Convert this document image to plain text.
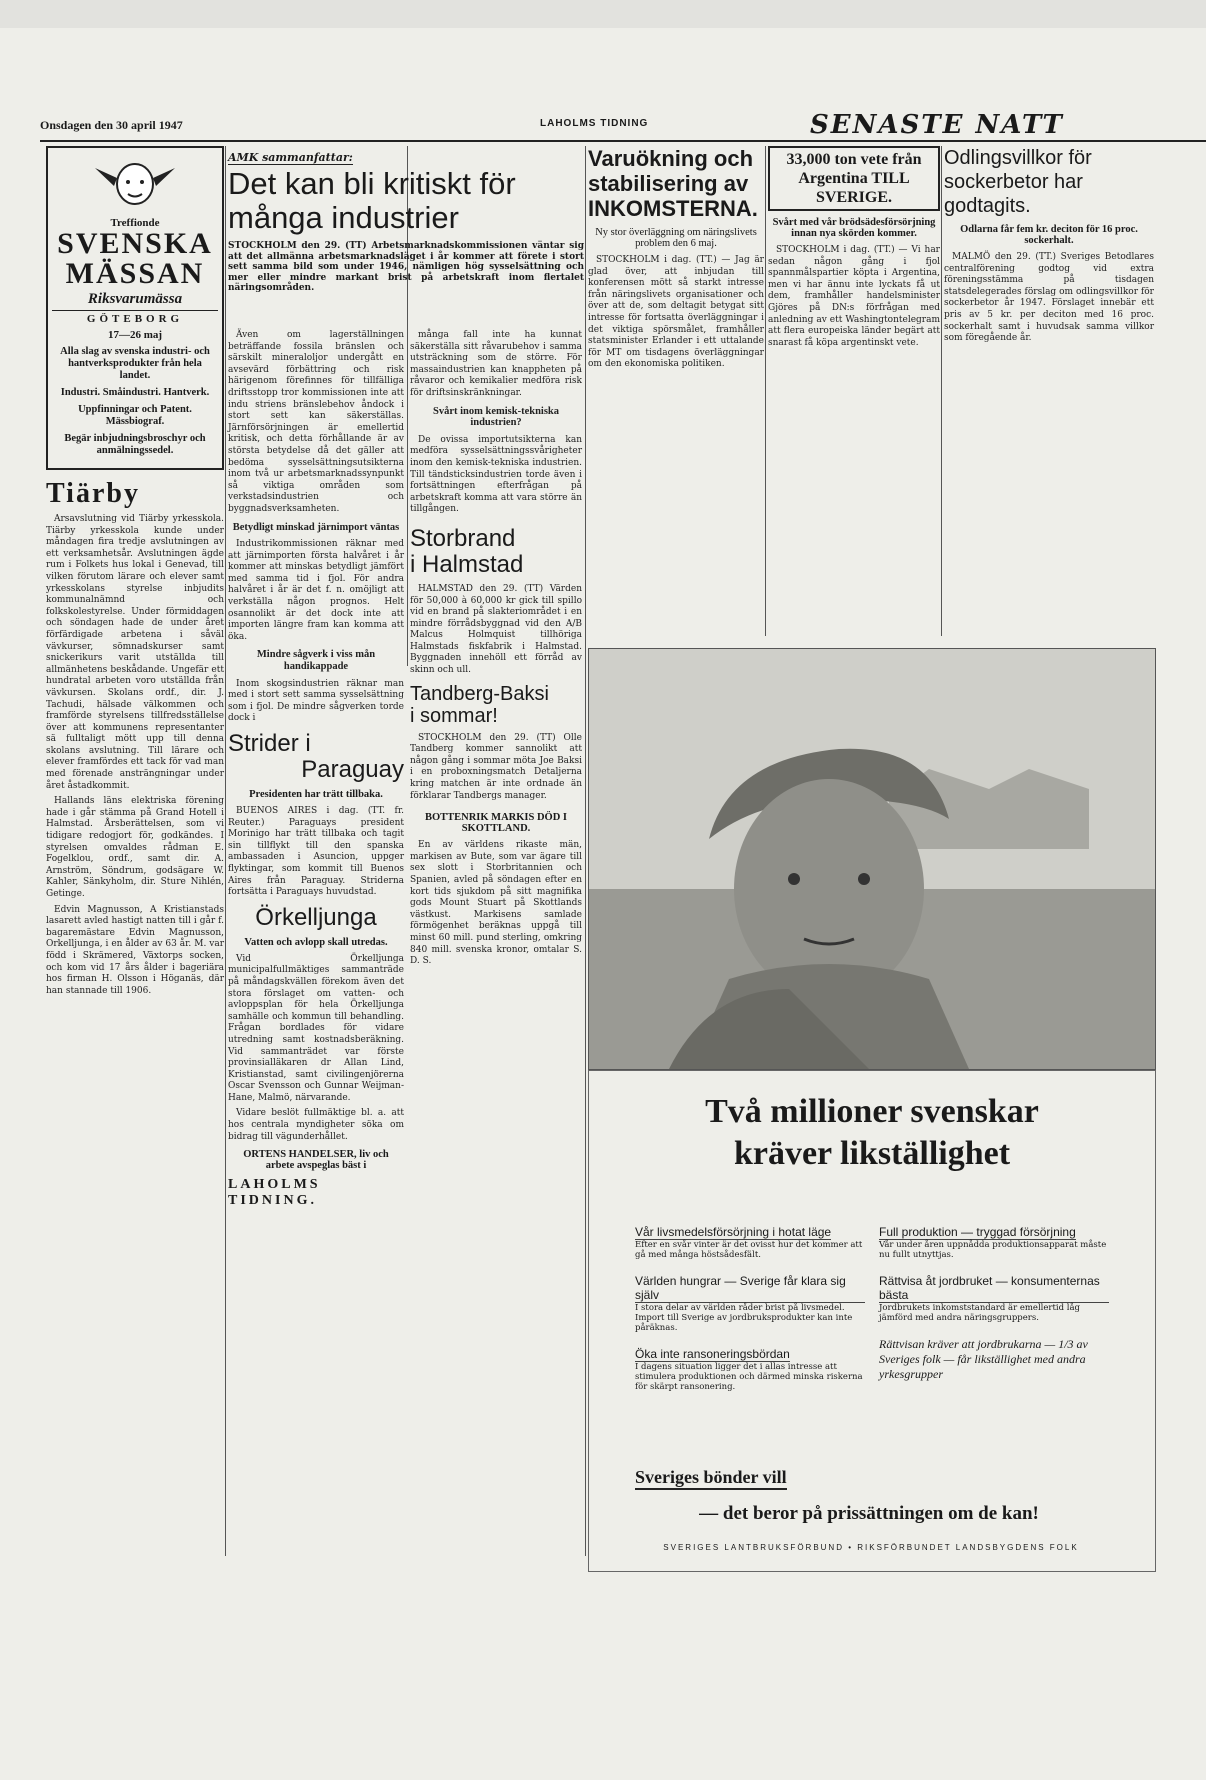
Onsdagen den 30 april 1947	LAHOLMS TIDNING	SENASTE NATT
Treffionde
SVENSKA
MÄSSAN
Riksvarumässa
GÖTEBORG
17—26 maj
Alla slag av svenska industri- och hantverksprodukter från hela landet.
Industri. Småindustri. Hantverk.
Uppfinningar och Patent. Mässbiograf.
Begär inbjudningsbroschyr och anmälningssedel.
Tiärby

Arsavslutning vid Tiärby yrkesskola. Tiärby yrkesskola kunde under måndagen fira tredje avslutningen av ett verksamhetsår. Avslutningen ägde rum i Folkets hus lokal i Genevad, till vilken förutom lärare och elever samt yrkesskolans styrelse inbjudits kommunalnämnd och folkskolestyrelse. Under förmiddagen och söndagen hade de under året förfärdigade arbetena i såväl vävkurser, sömnadskurser samt snickerikurs varit utställda till allmänhetens beskådande. Ungefär ett hundratal arbeten voro utställda från vävkursen. Skolans ordf., dir. J. Tachudi, hälsade välkommen och framförde styrelsens tillfredsställelse över att kommunens representanter sä fulltaligt mött upp till denna skolans avslutning. Till lärare och elever framfördes ett tack för vad man med förenade ansträngningar under året åstadkommit.

Hallands läns elektriska förening hade i går stämma på Grand Hotell i Halmstad. Årsberättelsen, som vi tidigare redogjort för, godkändes. I styrelsen omvaldes rådman E. Fogelklou, ordf., samt dir. A. Arnström, Söndrum, godsägare W. Kahler, Sänkyholm, dir. Sture Nihlén, Getinge.

Edvin Magnusson, A Kristianstads lasarett avled hastigt natten till i går f. bagaremästare Edvin Magnusson, Orkelljunga, i en ålder av 63 år. M. var född i Skrämered, Växtorps socken, och kom vid 17 års ålder i bageriära hos firman H. Olsson i Höganäs, där han stannade till 1906.

AMK sammanfattar:
Det kan bli kritiskt för många industrier
STOCKHOLM den 29. (TT) Arbetsmarknadskommissionen väntar sig att det allmänna arbetsmarknadsläget i år kommer att förete i stort sett samma bild som under 1946, nämligen hög sysselsättning och mer eller mindre markant brist på arbetskraft inom flertalet näringsområden.

Även om lagerställningen beträffande fossila bränslen och särskilt mineraloljor undergått en avsevärd förbättring och risk härigenom förefinnes för tillfälliga driftsstopp tror kommissionen inte att indu striens bränslebehov åndock i stort sett kan säkerställas. Järnförsörjningen är emellertid kritisk, och detta förhållande är av största betydelse då det gäller att bedöma sysselsättningsutsikterna inom två ur arbetsmarknadssynpunkt så viktiga områden som verkstadsindustrien och byggnadsverksamheten.

Betydligt minskad järnimport väntas

Industrikommissionen räknar med att järnimporten första halvåret i år kommer att minskas betydligt jämfört med samma tid i fjol. För andra halvåret i år är det f. n. omöjligt att verkställa någon prognos. Helt osannolikt är det dock inte att importen längre fram kan komma att öka.

Mindre sågverk i viss mån handikappade

Inom skogsindustrien räknar man med i stort sett samma sysselsättning som i fjol. De mindre sågverken torde dock i

Strider i
Paraguay
Presidenten har trätt tillbaka.

BUENOS AIRES i dag. (TT. fr. Reuter.) Paraguays president Morinigo har trätt tillbaka och tagit sin tillflykt till den spanska ambassaden i Asuncion, uppger flyktingar, som kommit till Buenos Aires från Paraguay. Striderna fortsätta i Paraguays huvudstad.

Örkelljunga
Vatten och avlopp skall utredas.

Vid Örkelljunga municipalfullmäktiges sammanträde på måndagskvällen förekom även det stora förslaget om vatten- och avloppsplan för hela Örkelljunga samhälle och kommun till behandling. Frågan bordlades för vidare utredning samt kostnadsberäkning. Vid sammanträdet var förste provinsialläkaren dr Allan Lind, Kristianstad, samt civilingenjörerna Oscar Svensson och Gunnar Weijman-Hane, Malmö, närvarande.

Vidare beslöt fullmäktige bl. a. att hos centrala myndigheter söka om bidrag till vägunderhållet.

ORTENS HANDELSER, liv och arbete avspeglas bäst i
LAHOLMS TIDNING.

många fall inte ha kunnat säkerställa sitt råvarubehov i samma utsträckning som de större. För massaindustrien kan knappheten på råvaror och kemikalier medföra risk för driftsinskränkningar.

Svårt inom kemisk-tekniska industrien?

De ovissa importutsikterna kan medföra sysselsättningssvårigheter inom den kemisk-tekniska industrien. Till tändsticksindustrien torde även i fortsättningen efterfrågan på arbetskraft komma att vara större än tillgången.

Storbrand
i Halmstad

HALMSTAD den 29. (TT) Värden för 50,000 à 60,000 kr gick till spillo vid en brand på slakteriområdet i en mindre förrådsbyggnad vid den A/B Malcus Holmquist tillhöriga Halmstads fiskfabrik i Halmstad. Byggnaden innehöll ett förråd av skinn och ull.

Tandberg-Baksi
i sommar!

STOCKHOLM den 29. (TT) Olle Tandberg kommer sannolikt att någon gång i sommar möta Joe Baksi i en proboxningsmatch Detaljerna kring matchen är inte ordnade än förklarar Tandbergs manager.

BOTTENRIK MARKIS DÖD I SKOTTLAND.

En av världens rikaste män, markisen av Bute, som var ägare till sex slott i Storbritannien och Spanien, avled på söndagen efter en kort tids sjukdom på sitt magnifika gods Mount Stuart på Skottlands västkust. Markisens samlade förmögenhet beräknas uppgå till minst 60 mill. pund sterling, omkring 840 mill. svenska kronor, omtalar S. D. S.

Varuökning och stabilisering av INKOMSTERNA.
Ny stor överläggning om näringslivets problem den 6 maj.

STOCKHOLM i dag. (TT.) — Jag är glad över, att inbjudan till konferensen mött så starkt intresse från näringslivets organisationer och över att de, som deltagit betygat sitt intresse för fortsatta överläggningar i det viktiga spörsmålet, framhåller statsminister Erlander i ett uttalande för MT om tisdagens överläggningar om den ekonomiska politiken.

33,000 ton vete från Argentina TILL SVERIGE.
Svårt med vår brödsädesförsörjning innan nya skörden kommer.

STOCKHOLM i dag. (TT.) — Vi har sedan någon gång i fjol spannmålspartier köpta i Argentina, men vi har ännu inte lyckats få ut dem, framhåller handelsminister Gjöres på DN:s förfrågan med anledning av ett Washingtontelegram att flera europeiska länder begärt att snarast få köpa argentinskt vete.

Odlingsvillkor för sockerbetor har godtagits.
Odlarna får fem kr. deciton för 16 proc. sockerhalt.

MALMÖ den 29. (TT.) Sveriges Betodlares centralförening godtog vid extra föreningsstämma på tisdagen statsdelegerades förslag om odlingsvillkor för sockerbetor år 1947. Förslaget innebär ett pris av 5 kr. per deciton med 16 proc. sockerhalt samt i huvudsak samma villkor som föregående år.

Två millioner svenskar
kräver likställighet
Vår livsmedelsförsörjning i hotat läge
Efter en svår vinter är det ovisst hur det kommer att gå med många höstsådesfält.
Världen hungrar — Sverige får klara sig själv
I stora delar av världen råder brist på livsmedel. Import till Sverige av jordbruksprodukter kan inte påräknas.
Öka inte ransoneringsbördan
I dagens situation ligger det i allas intresse att stimulera produktionen och därmed minska riskerna för skärpt ransonering.
Full produktion — tryggad försörjning
Vår under åren uppnådda produktionsapparat måste nu fullt utnyttjas.
Rättvisa åt jordbruket — konsumenternas bästa
Jordbrukets inkomststandard är emellertid låg jämförd med andra näringsgruppers.
Rättvisan kräver att jordbrukarna — 1/3 av Sveriges folk — får likställighet med andra yrkesgrupper
Sveriges bönder vill
— det beror på prissättningen om de kan!
SVERIGES LANTBRUKSFÖRBUND • RIKSFÖRBUNDET LANDSBYGDENS FOLK
